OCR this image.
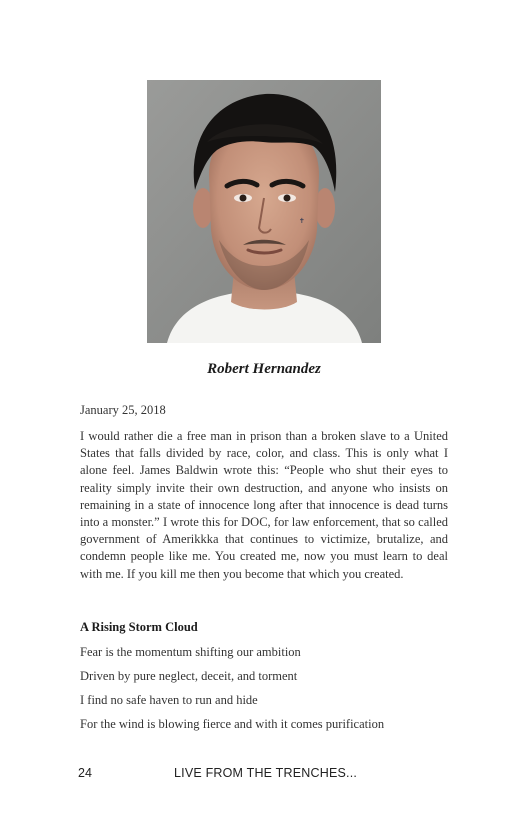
✝
Robert Hernandez
January 25, 2018

I would rather die a free man in prison than a broken slave to a United States that falls divided by race, color, and class. This is only what I alone feel. James Baldwin wrote this: “People who shut their eyes to reality simply invite their own destruction, and anyone who insists on remaining in a state of innocence long after that innocence is dead turns into a monster.” I wrote this for DOC, for law enforcement, that so called government of Amerikkka that continues to victimize, brutalize, and condemn people like me. You created me, now you must learn to deal with me. If you kill me then you become that which you created.

A Rising Storm Cloud
Fear is the momentum shifting our ambition
Driven by pure neglect, deceit, and torment
I find no safe haven to run and hide
For the wind is blowing fierce and with it comes purification
24	LIVE FROM THE TRENCHES...
